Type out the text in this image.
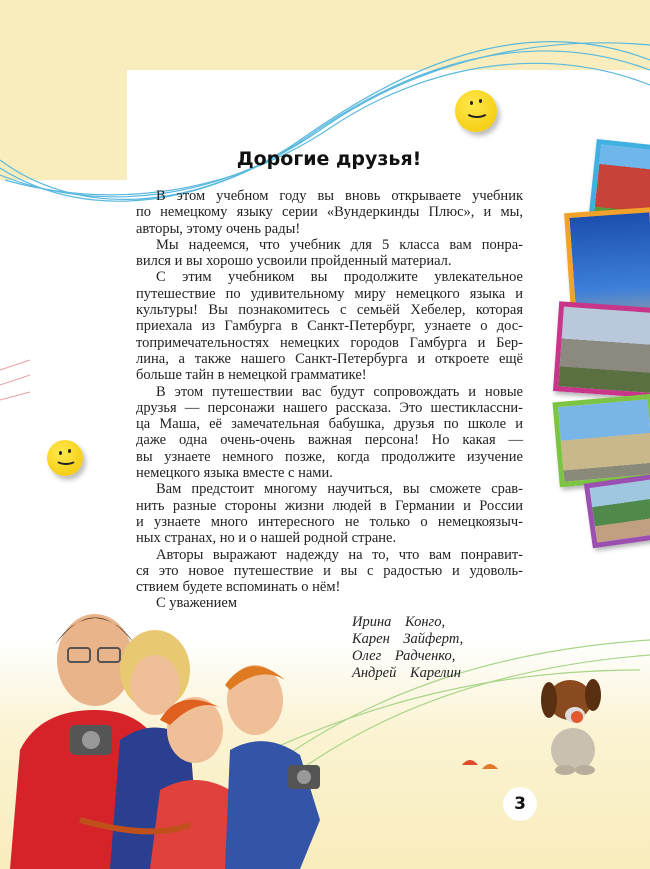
Дорогие друзья!
В этом учебном году вы вновь открываете учебник
по немецкому языку серии «Вундеркинды Плюс», и мы,
авторы, этому очень рады!
Мы надеемся, что учебник для 5 класса вам понра-
вился и вы хорошо усвоили пройденный материал.
С этим учебником вы продолжите увлекательное
путешествие по удивительному миру немецкого языка и
культуры! Вы познакомитесь с семьёй Хебелер, которая
приехала из Гамбурга в Санкт-Петербург, узнаете о дос-
топримечательностях немецких городов Гамбурга и Бер-
лина, а также нашего Санкт-Петербурга и откроете ещё
больше тайн в немецкой грамматике!
В этом путешествии вас будут сопровождать и новые
друзья — персонажи нашего рассказа. Это шестиклассни-
ца Маша, её замечательная бабушка, друзья по школе и
даже одна очень-очень важная персона! Но какая —
вы узнаете немного позже, когда продолжите изучение
немецкого языка вместе с нами.
Вам предстоит многому научиться, вы сможете срав-
нить разные стороны жизни людей в Германии и России
и узнаете много интересного не только о немецкоязыч-
ных странах, но и о нашей родной стране.
Авторы выражают надежду на то, что вам понравит-
ся это новое путешествие и вы с радостью и удоволь-
ствием будете вспоминать о нём!
С уважением
Ирина Конго,
Карен Зайферт,
Олег Радченко,
Андрей Карелин
3
